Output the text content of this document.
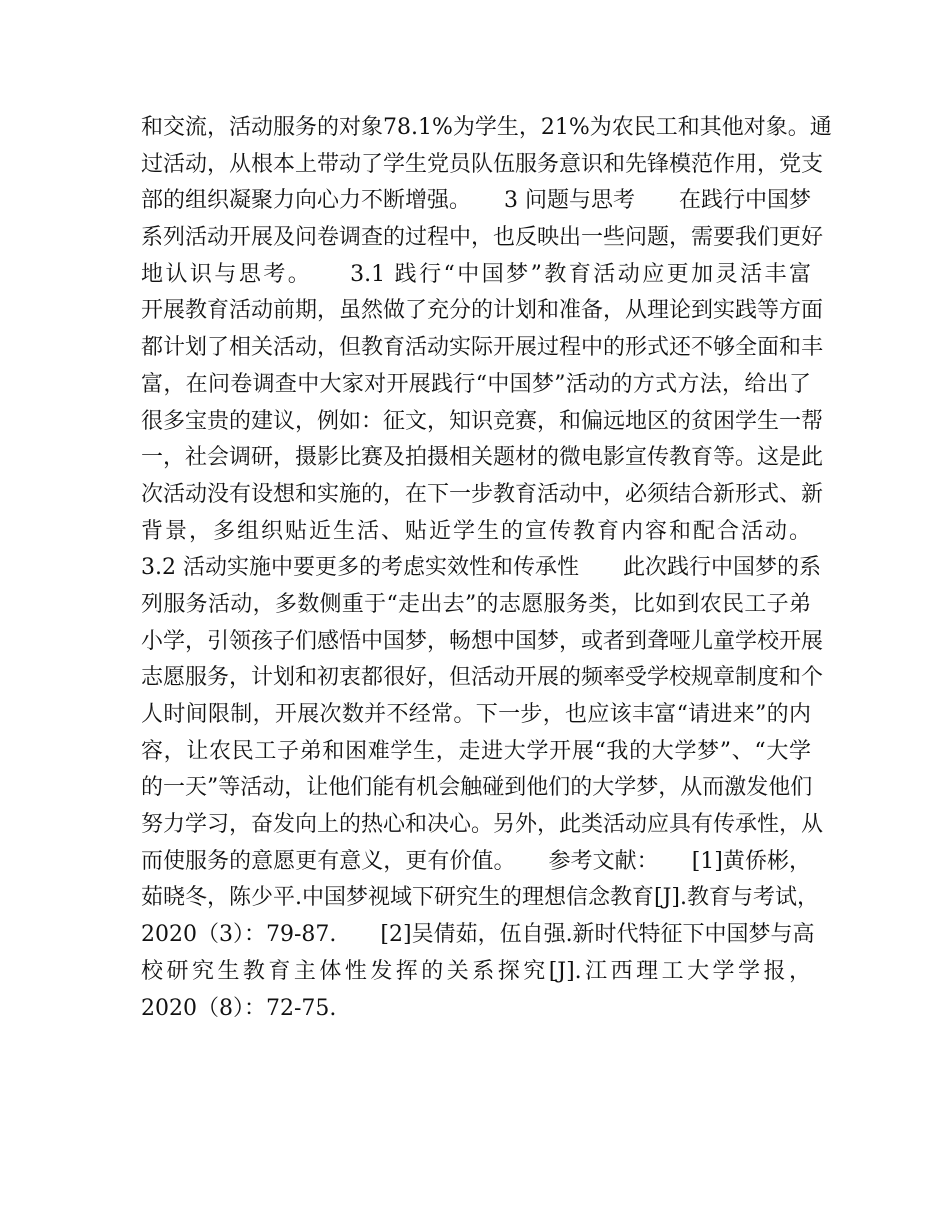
和交流，活动服务的对象78.1%为学生，21%为农民工和其他对象。通
过活动，从根本上带动了学生党员队伍服务意识和先锋模范作用，党支
部的组织凝聚力向心力不断增强。　　3 问题与思考　　在践行中国梦
系列活动开展及问卷调查的过程中，也反映出一些问题，需要我们更好
地认识与思考。　　3.1 践行“中国梦”教育活动应更加灵活丰富
开展教育活动前期，虽然做了充分的计划和准备，从理论到实践等方面
都计划了相关活动，但教育活动实际开展过程中的形式还不够全面和丰
富，在问卷调查中大家对开展践行“中国梦”活动的方式方法，给出了
很多宝贵的建议，例如：征文，知识竞赛，和偏远地区的贫困学生一帮
一，社会调研，摄影比赛及拍摄相关题材的微电影宣传教育等。这是此
次活动没有设想和实施的，在下一步教育活动中，必须结合新形式、新
背景，多组织贴近生活、贴近学生的宣传教育内容和配合活动。
3.2 活动实施中要更多的考虑实效性和传承性　　此次践行中国梦的系
列服务活动，多数侧重于“走出去”的志愿服务类，比如到农民工子弟
小学，引领孩子们感悟中国梦，畅想中国梦，或者到聋哑儿童学校开展
志愿服务，计划和初衷都很好，但活动开展的频率受学校规章制度和个
人时间限制，开展次数并不经常。下一步，也应该丰富“请进来”的内
容，让农民工子弟和困难学生，走进大学开展“我的大学梦”、“大学
的一天”等活动，让他们能有机会触碰到他们的大学梦，从而激发他们
努力学习，奋发向上的热心和决心。另外，此类活动应具有传承性，从
而使服务的意愿更有意义，更有价值。　　参考文献：　　[1]黄侨彬，
茹晓冬，陈少平.中国梦视域下研究生的理想信念教育[J].教育与考试，
2020（3）：79-87.　　[2]吴倩茹，伍自强.新时代特征下中国梦与高
校研究生教育主体性发挥的关系探究[J].江西理工大学学报，
2020（8）：72-75.
